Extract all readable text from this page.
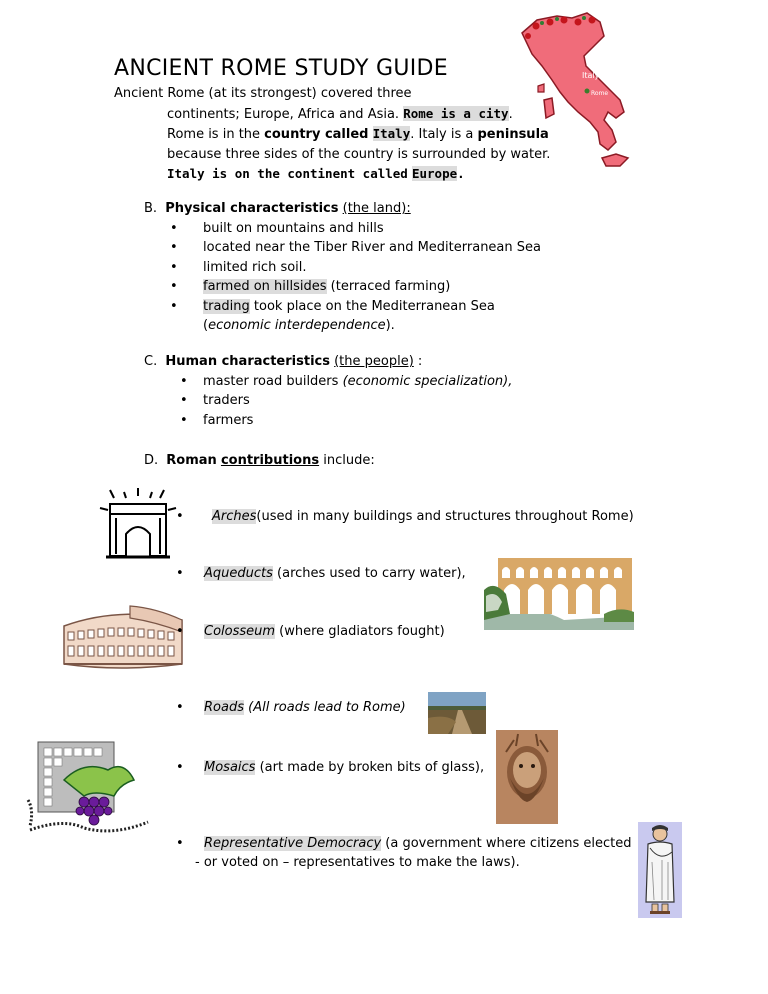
ANCIENT ROME STUDY GUIDE
Ancient Rome (at its strongest) covered three
continents; Europe, Africa and Asia. Rome is a city.
Rome is in the country called Italy. Italy is a peninsula
because three sides of the country is surrounded by water.
Italy is on the continent called Europe.
Italy
Rome
B. Physical characteristics (the land):
• built on mountains and hills
• located near the Tiber River and Mediterranean Sea
• limited rich soil.
• farmed on hillsides (terraced farming)
• trading took place on the Mediterranean Sea (economic interdependence).
C. Human characteristics (the people) :
• master road builders (economic specialization),
• traders
• farmers
D. Roman contributions include:
• Arches(used in many buildings and structures throughout Rome)
• Aqueducts (arches used to carry water),
• Colosseum (where gladiators fought)
• Roads (All roads lead to Rome)
• Mosaics (art made by broken bits of glass),
• Representative Democracy (a government where citizens elected
- or voted on – representatives to make the laws).
